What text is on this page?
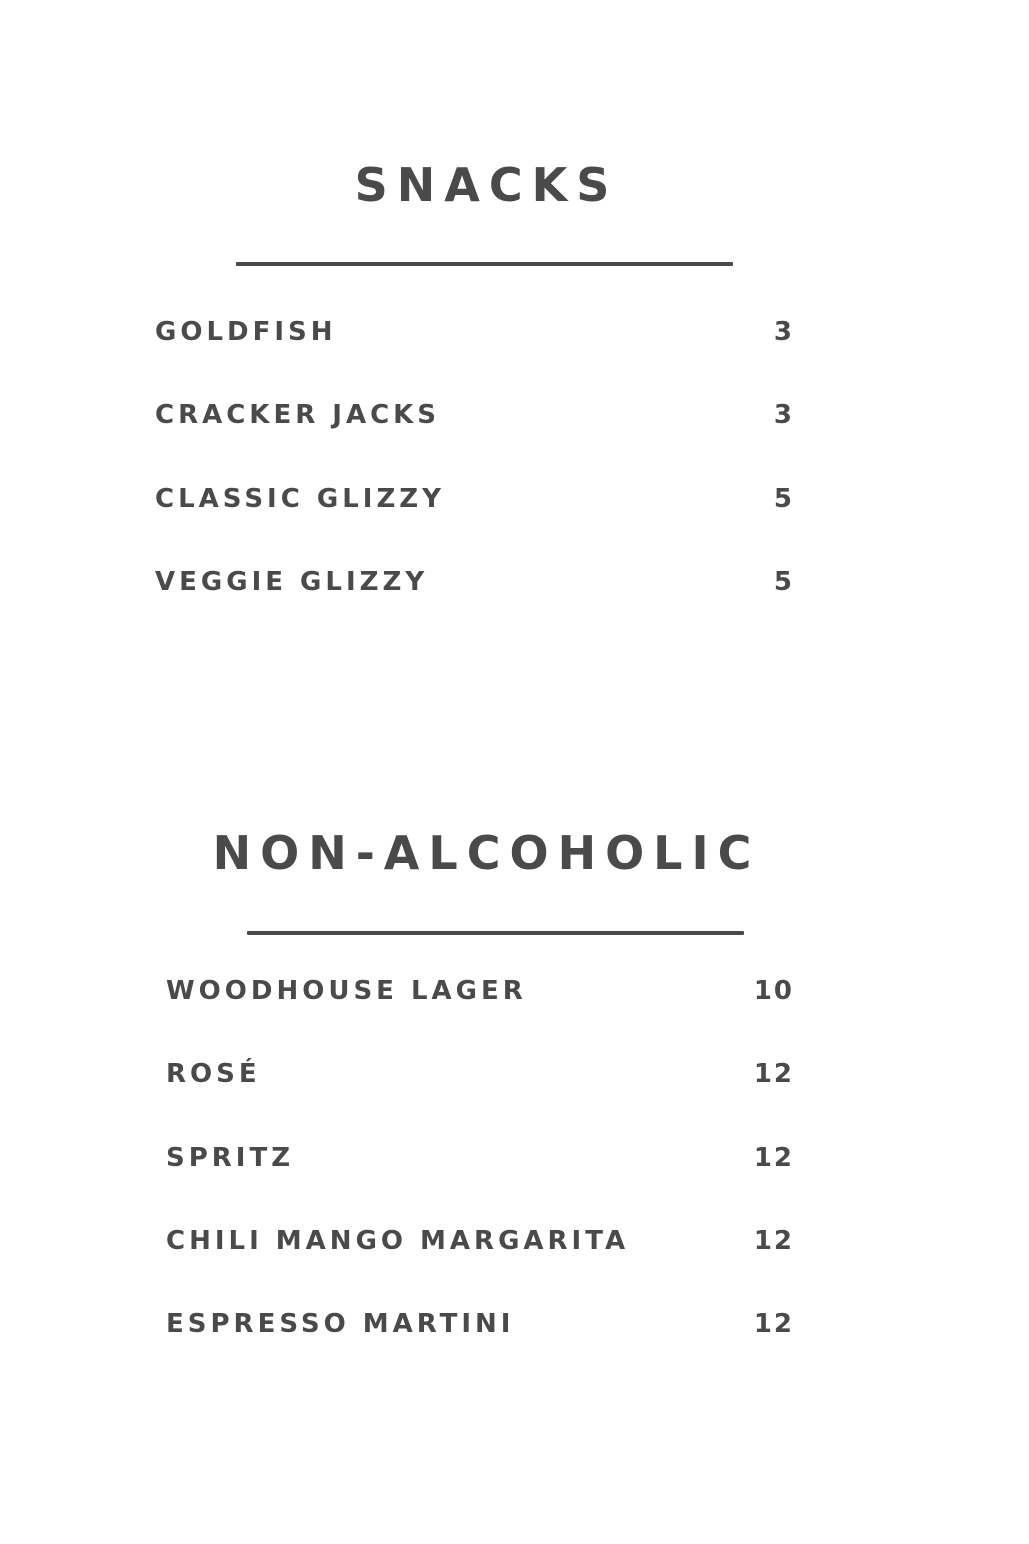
SNACKS
GOLDFISH	3
CRACKER JACKS	3
CLASSIC GLIZZY	5
VEGGIE GLIZZY	5
NON-ALCOHOLIC
WOODHOUSE LAGER	10
ROSÉ	12
SPRITZ	12
CHILI MANGO MARGARITA	12
ESPRESSO MARTINI	12
